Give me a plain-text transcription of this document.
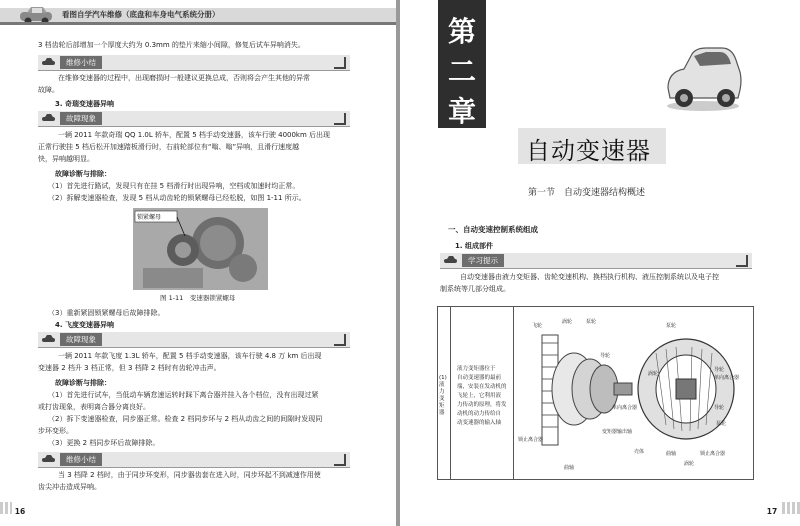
看图自学汽车维修（底盘和车身电气系统分册）
3 档齿轮后部增加一个厚度大约为 0.3mm 的垫片来缩小间隙，修复后试车异响消失。
维修小结
在维修变速器的过程中，出现磨损时一般建议更换总成，否则将会产生其他的异常
故障。
3. 奇瑞变速器异响
故障现象
一辆 2011 年款奇瑞 QQ 1.0L 轿车，配置 5 档手动变速器，该车行驶 4000km 后出现
正常行驶挂 5 档后松开加速踏板滑行时，右前轮部位有“嗡、嗡”异响，且滑行速度越
快，异响越明显。
故障诊断与排除：
（1）首先进行路试，发现只有在挂 5 档滑行时出现异响，空档或加速时均正常。
（2）拆解变速器检查，发现 5 档从动齿轮的锁紧螺母已经松脱，如图 1-11 所示。
锁紧螺母
图 1-11　变速器锁紧螺母
（3）重新紧固锁紧螺母后故障排除。
4. 飞度变速器异响
故障现象
一辆 2011 年款飞度 1.3L 轿车，配置 5 档手动变速器，该车行驶 4.8 万 km 后出现
变速器 2 档升 3 档正常，但 3 档降 2 档时有齿轮冲击声。
故障诊断与排除：
（1）首先进行试车，当低动车辆怠速运转时踩下离合器并挂入各个档位，没有出现过紧
或打齿现象，表明离合器分离良好。
（2）拆下变速器检查，同步器正常。检查 2 档同步环与 2 档从动齿之间的间隙时发现同
步环变形。
（3）更换 2 档同步环后故障排除。
维修小结
当 3 档降 2 档时，由于同步环变形，同步器齿套在进入时，同步环起不到减速作用使
齿尖冲击造成异响。
16
第
二
章
自动变速器
第一节　自动变速器结构概述
一、自动变速控制系统组成
1. 组成部件
学习提示
自动变速器由液力变矩器、齿轮变速机构、换档执行机构、液压控制系统以及电子控
制系统等几部分组成。
(1) 液力变矩器
液力变矩器位于
自动变速器的最前
端，安装在发动机的
飞轮上，它利用液
力传动的原理，将发
动机的动力传给自
动变速器的输入轴
飞轮
涡轮	泵轮
导轮
单向离合器
锁止离合器
变矩器输出轴
壳体
曲轴
泵轮
涡轮
导轮
单向离合器
导轮
泵轮
曲轴
涡轮
锁止离合器
17
